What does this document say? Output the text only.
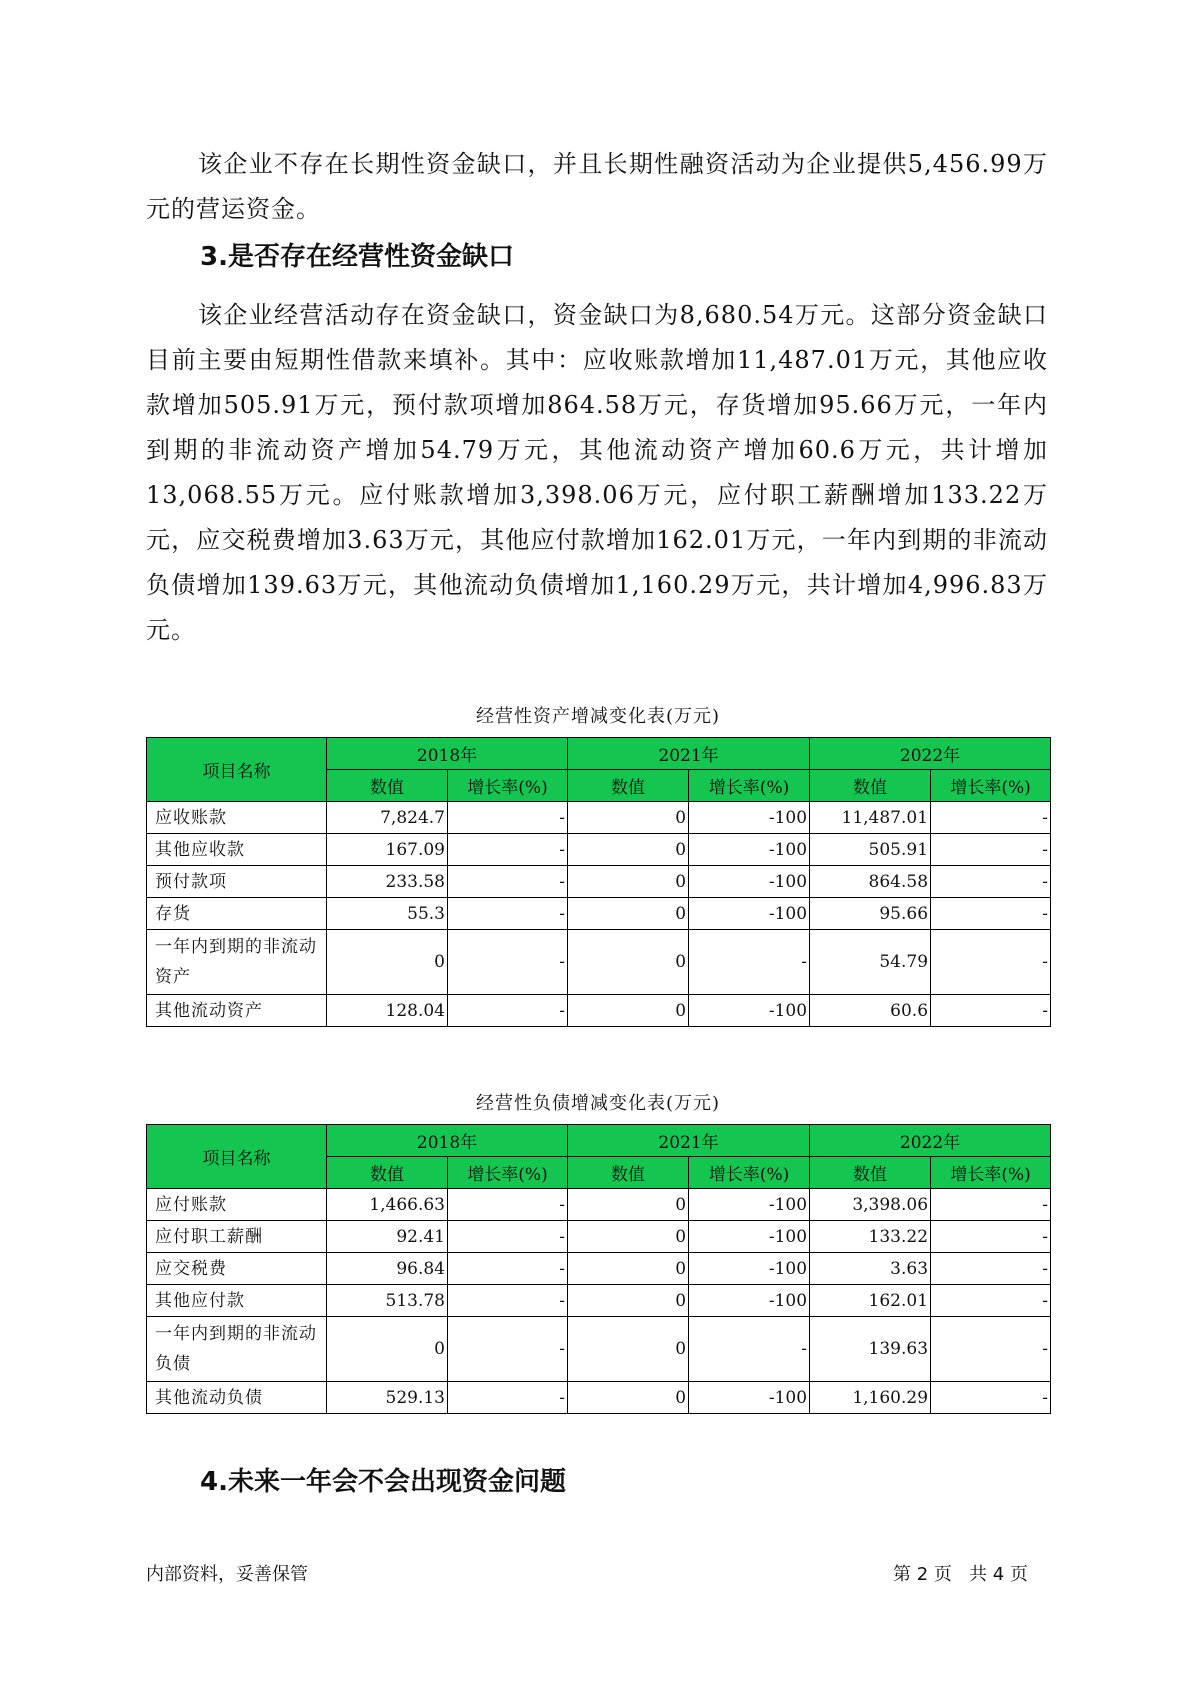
该企业不存在长期性资金缺口，并且长期性融资活动为企业提供5,456.99万元的营运资金。

3.是否存在经营性资金缺口

该企业经营活动存在资金缺口，资金缺口为8,680.54万元。这部分资金缺口目前主要由短期性借款来填补。其中：应收账款增加11,487.01万元，其他应收款增加505.91万元，预付款项增加864.58万元，存货增加95.66万元，一年内到期的非流动资产增加54.79万元，其他流动资产增加60.6万元，共计增加13,068.55万元。应付账款增加3,398.06万元，应付职工薪酬增加133.22万元，应交税费增加3.63万元，其他应付款增加162.01万元，一年内到期的非流动负债增加139.63万元，其他流动负债增加1,160.29万元，共计增加4,996.83万元。

经营性资产增减变化表(万元)
项目名称	2018年		2021年		2022年	
	数值	增长率(%)	数值	增长率(%)	数值	增长率(%)
应收账款	7,824.7	-	0	-100	11,487.01	-
其他应收款	167.09	-	0	-100	505.91	-
预付款项	233.58	-	0	-100	864.58	-
存货	55.3	-	0	-100	95.66	-
一年内到期的非流动资产	0	-	0	-	54.79	-
其他流动资产	128.04	-	0	-100	60.6	-
经营性负债增减变化表(万元)
项目名称	2018年		2021年		2022年	
	数值	增长率(%)	数值	增长率(%)	数值	增长率(%)
应付账款	1,466.63	-	0	-100	3,398.06	-
应付职工薪酬	92.41	-	0	-100	133.22	-
应交税费	96.84	-	0	-100	3.63	-
其他应付款	513.78	-	0	-100	162.01	-
一年内到期的非流动负债	0	-	0	-	139.63	-
其他流动负债	529.13	-	0	-100	1,160.29	-
4.未来一年会不会出现资金问题
内部资料，妥善保管	第 2 页   共 4 页
